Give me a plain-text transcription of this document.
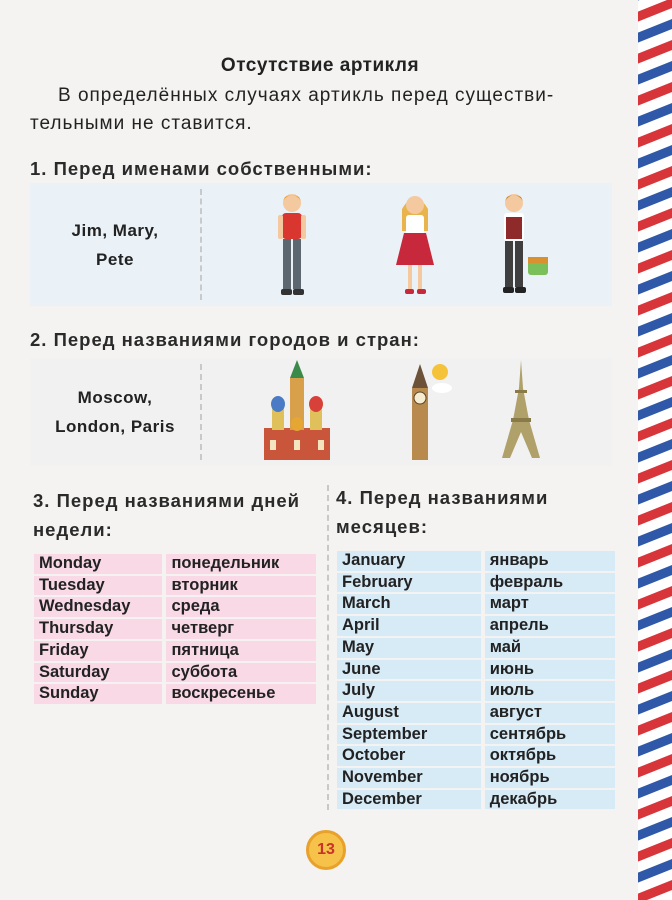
Отсутствие артикля

В определённых случаях артикль перед существи-тельными не ставится.

1. Перед именами собственными:
Jim, Mary, Pete
2. Перед названиями городов и стран:
Moscow, London, Paris
3. Перед названиями дней недели:
Monday		понедельник
Tuesday		вторник
Wednesday		среда
Thursday		четверг
Friday		пятница
Saturday		суббота
Sunday		воскресенье
4. Перед названиями месяцев:
January		январь
February		февраль
March		март
April		апрель
May		май
June		июнь
July		июль
August		август
September		сентябрь
October		октябрь
November		ноябрь
December		декабрь
13
